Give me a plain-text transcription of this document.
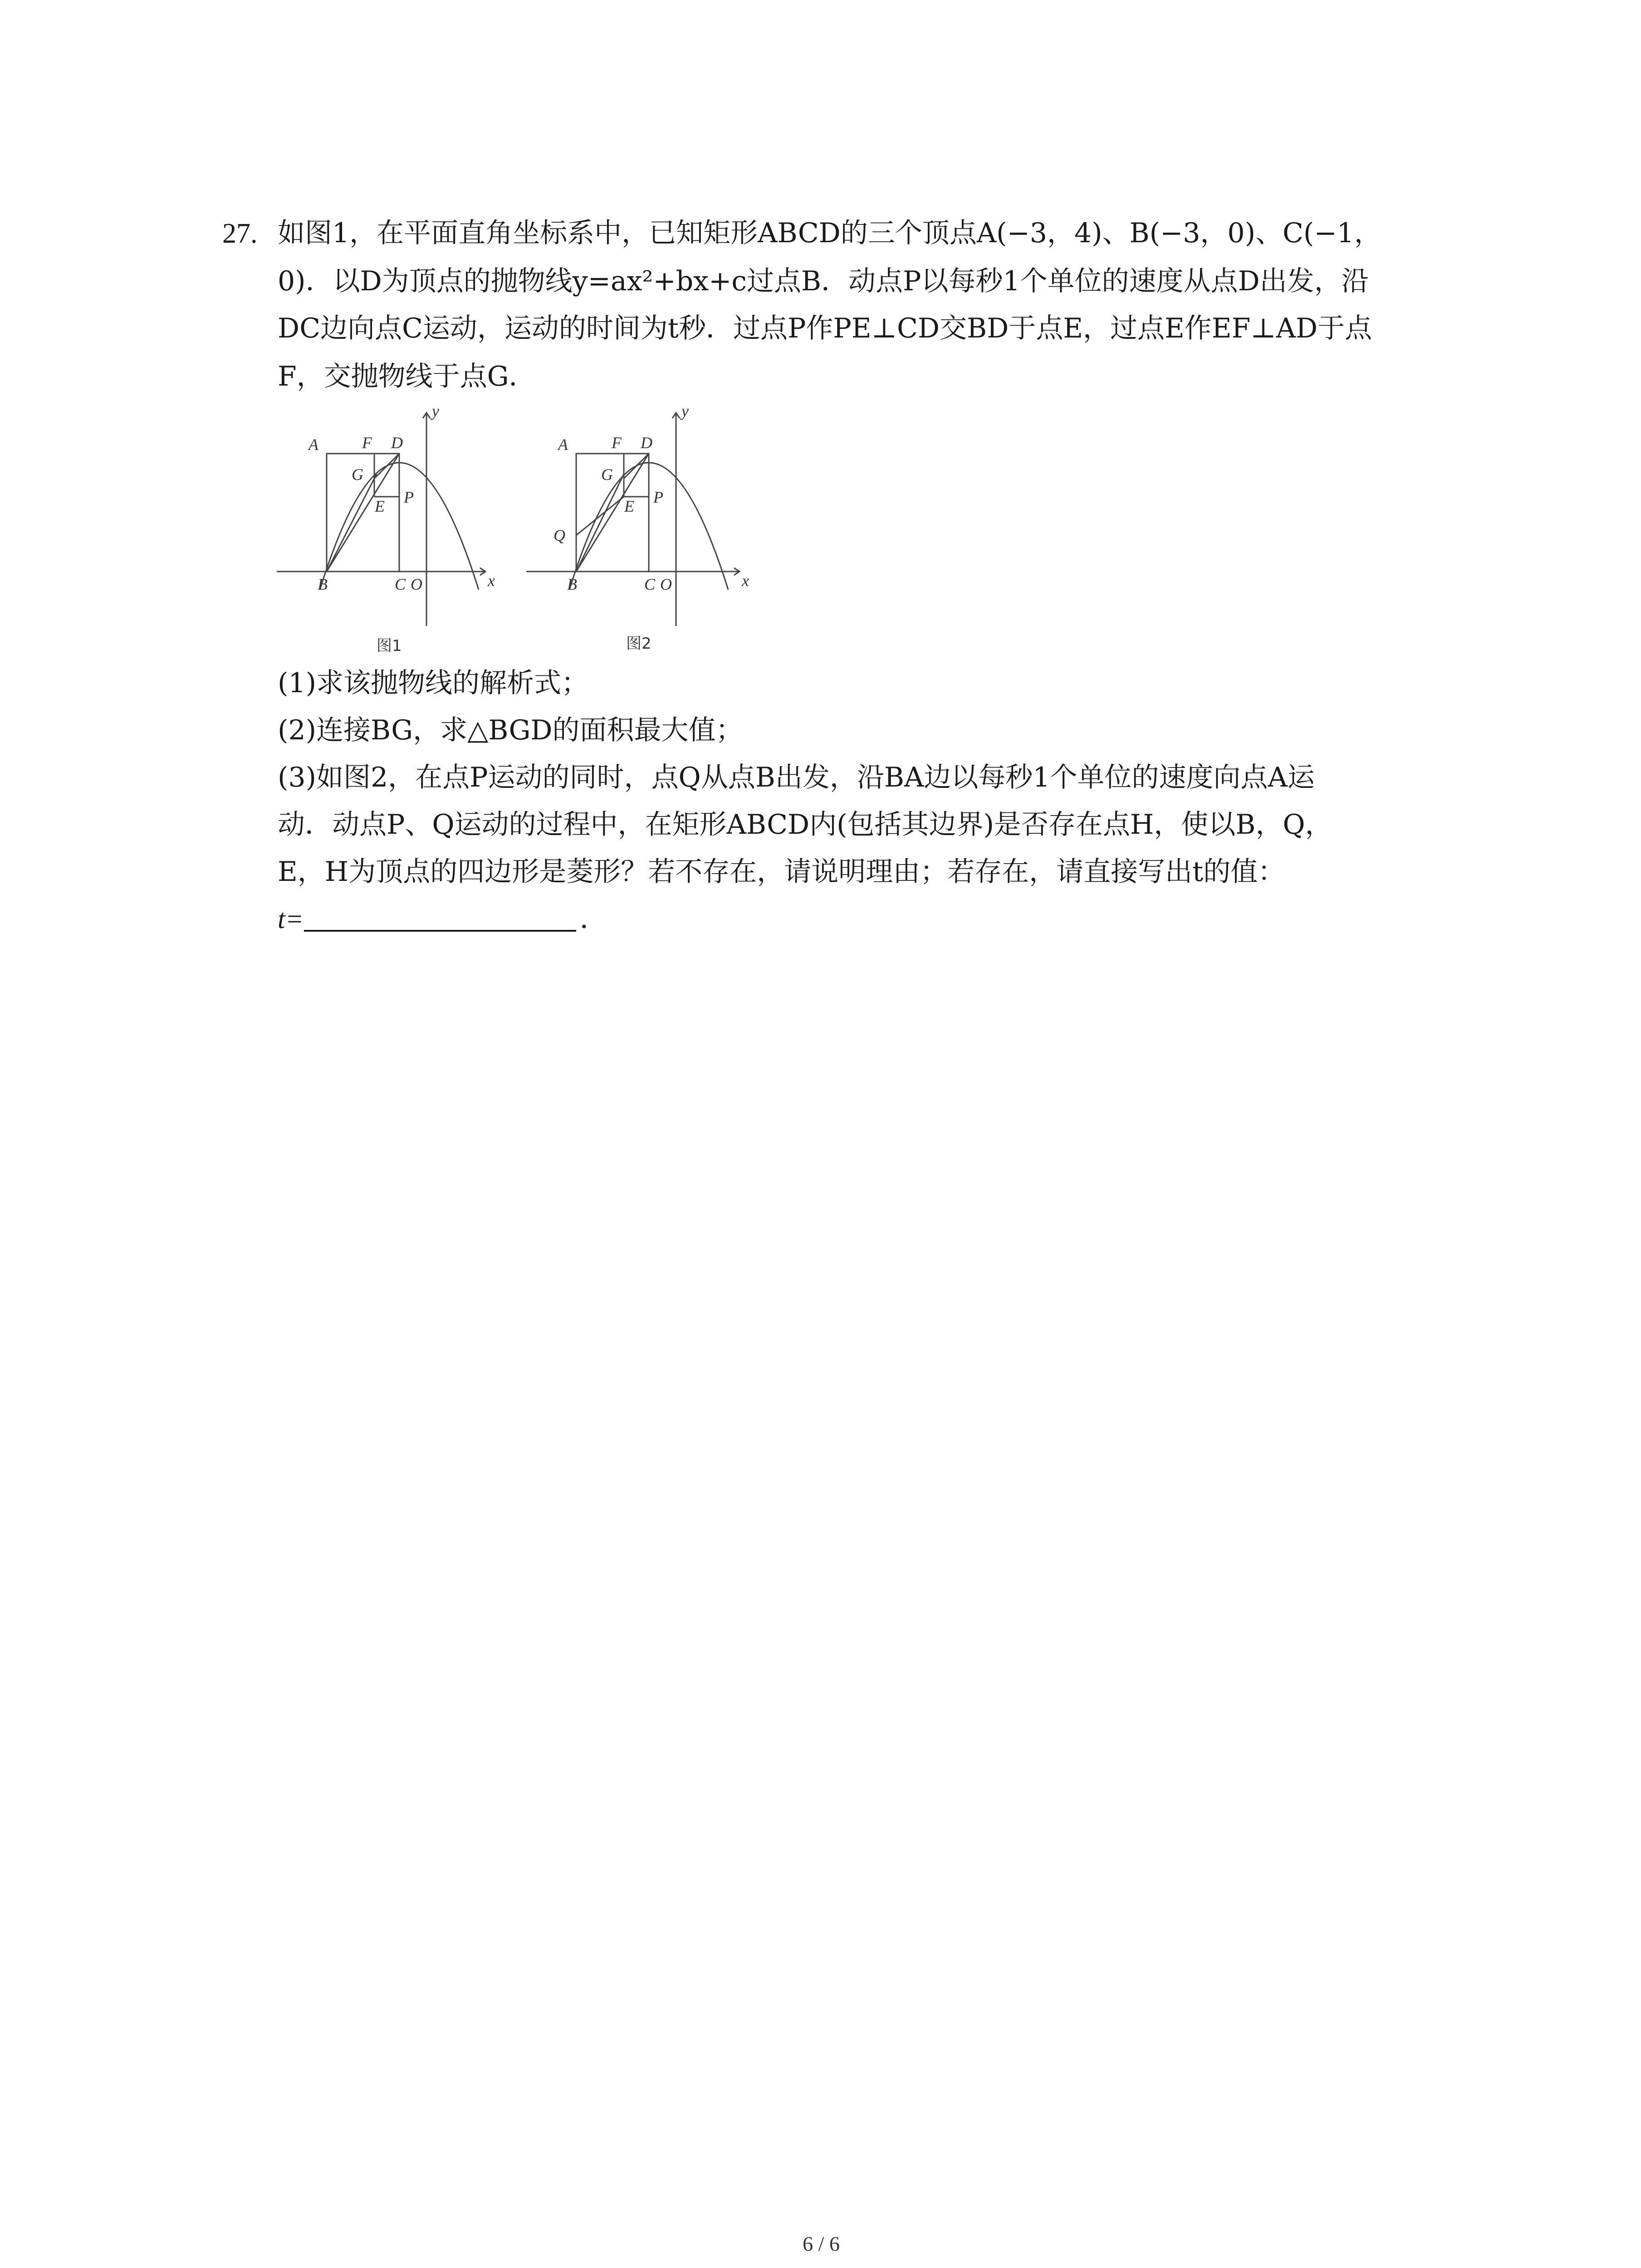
27. 如图1，在平面直角坐标系中，已知矩形ABCD的三个顶点A(−3，4)、B(−3，0)、C(−1，
0)．以D为顶点的抛物线y=ax²+bx+c过点B．动点P以每秒1个单位的速度从点D出发，沿
DC边向点C运动，运动的时间为t秒．过点P作PE⊥CD交BD于点E，过点E作EF⊥AD于点
F，交抛物线于点G．
A	F D
G
E P
B	C O	x
y
图1
A	F D
G
E P
Q
B	C O	x
y
图2
(1)求该抛物线的解析式；
(2)连接BG，求△BGD的面积最大值；
(3)如图2，在点P运动的同时，点Q从点B出发，沿BA边以每秒1个单位的速度向点A运
动．动点P、Q运动的过程中，在矩形ABCD内(包括其边界)是否存在点H，使以B，Q，
E，H为顶点的四边形是菱形？若不存在，请说明理由；若存在，请直接写出t的值：
t=	．
6 / 6
